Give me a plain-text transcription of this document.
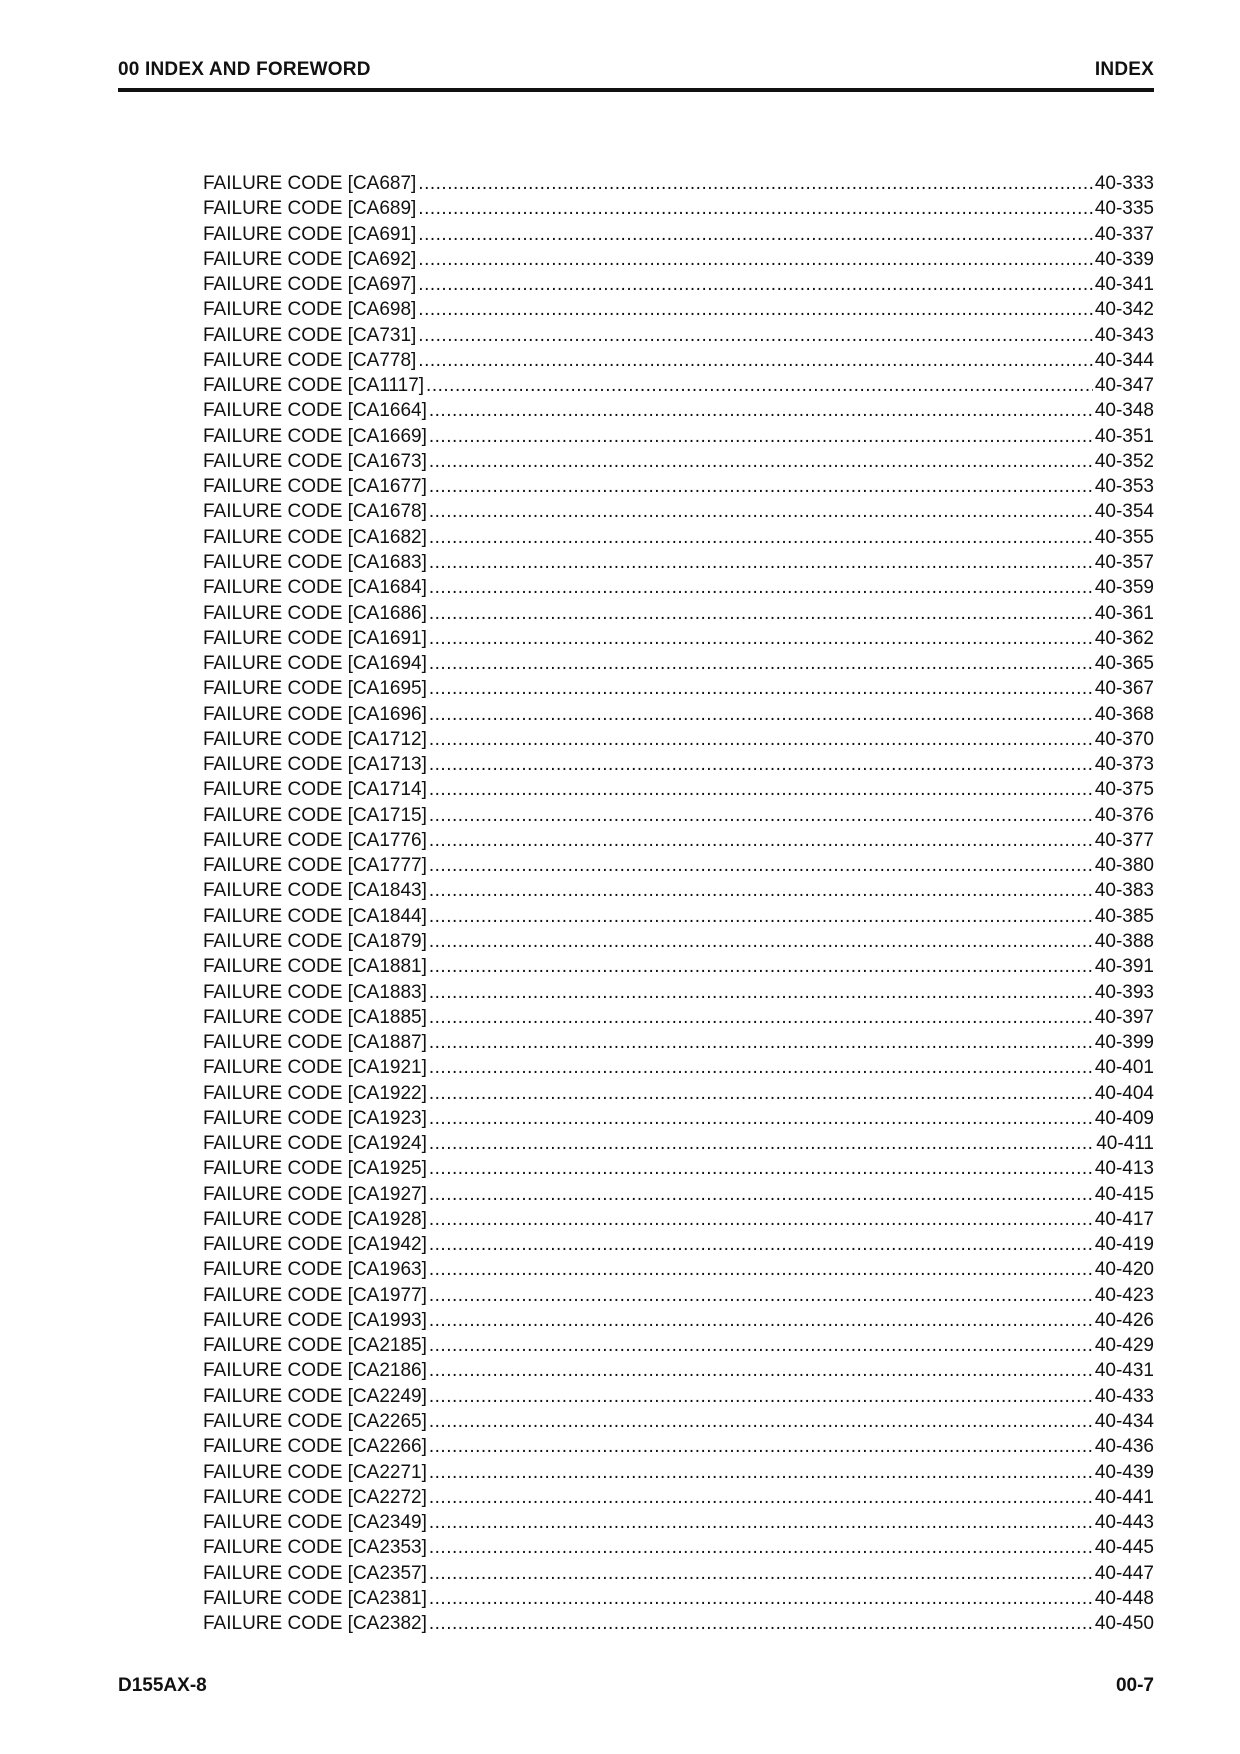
00 INDEX AND FOREWORD	INDEX
FAILURE CODE [CA687] .....	40-333
FAILURE CODE [CA689] .....	40-335
FAILURE CODE [CA691] .....	40-337
FAILURE CODE [CA692] .....	40-339
FAILURE CODE [CA697] .....	40-341
FAILURE CODE [CA698] .....	40-342
FAILURE CODE [CA731] .....	40-343
FAILURE CODE [CA778] .....	40-344
FAILURE CODE [CA1117] .....	40-347
FAILURE CODE [CA1664] .....	40-348
FAILURE CODE [CA1669] .....	40-351
FAILURE CODE [CA1673] .....	40-352
FAILURE CODE [CA1677] .....	40-353
FAILURE CODE [CA1678] .....	40-354
FAILURE CODE [CA1682] .....	40-355
FAILURE CODE [CA1683] .....	40-357
FAILURE CODE [CA1684] .....	40-359
FAILURE CODE [CA1686] .....	40-361
FAILURE CODE [CA1691] .....	40-362
FAILURE CODE [CA1694] .....	40-365
FAILURE CODE [CA1695] .....	40-367
FAILURE CODE [CA1696] .....	40-368
FAILURE CODE [CA1712] .....	40-370
FAILURE CODE [CA1713] .....	40-373
FAILURE CODE [CA1714] .....	40-375
FAILURE CODE [CA1715] .....	40-376
FAILURE CODE [CA1776] .....	40-377
FAILURE CODE [CA1777] .....	40-380
FAILURE CODE [CA1843] .....	40-383
FAILURE CODE [CA1844] .....	40-385
FAILURE CODE [CA1879] .....	40-388
FAILURE CODE [CA1881] .....	40-391
FAILURE CODE [CA1883] .....	40-393
FAILURE CODE [CA1885] .....	40-397
FAILURE CODE [CA1887] .....	40-399
FAILURE CODE [CA1921] .....	40-401
FAILURE CODE [CA1922] .....	40-404
FAILURE CODE [CA1923] .....	40-409
FAILURE CODE [CA1924] .....	40-411
FAILURE CODE [CA1925] .....	40-413
FAILURE CODE [CA1927] .....	40-415
FAILURE CODE [CA1928] .....	40-417
FAILURE CODE [CA1942] .....	40-419
FAILURE CODE [CA1963] .....	40-420
FAILURE CODE [CA1977] .....	40-423
FAILURE CODE [CA1993] .....	40-426
FAILURE CODE [CA2185] .....	40-429
FAILURE CODE [CA2186] .....	40-431
FAILURE CODE [CA2249] .....	40-433
FAILURE CODE [CA2265] .....	40-434
FAILURE CODE [CA2266] .....	40-436
FAILURE CODE [CA2271] .....	40-439
FAILURE CODE [CA2272] .....	40-441
FAILURE CODE [CA2349] .....	40-443
FAILURE CODE [CA2353] .....	40-445
FAILURE CODE [CA2357] .....	40-447
FAILURE CODE [CA2381] .....	40-448
FAILURE CODE [CA2382] .....	40-450
D155AX-8	00-7
